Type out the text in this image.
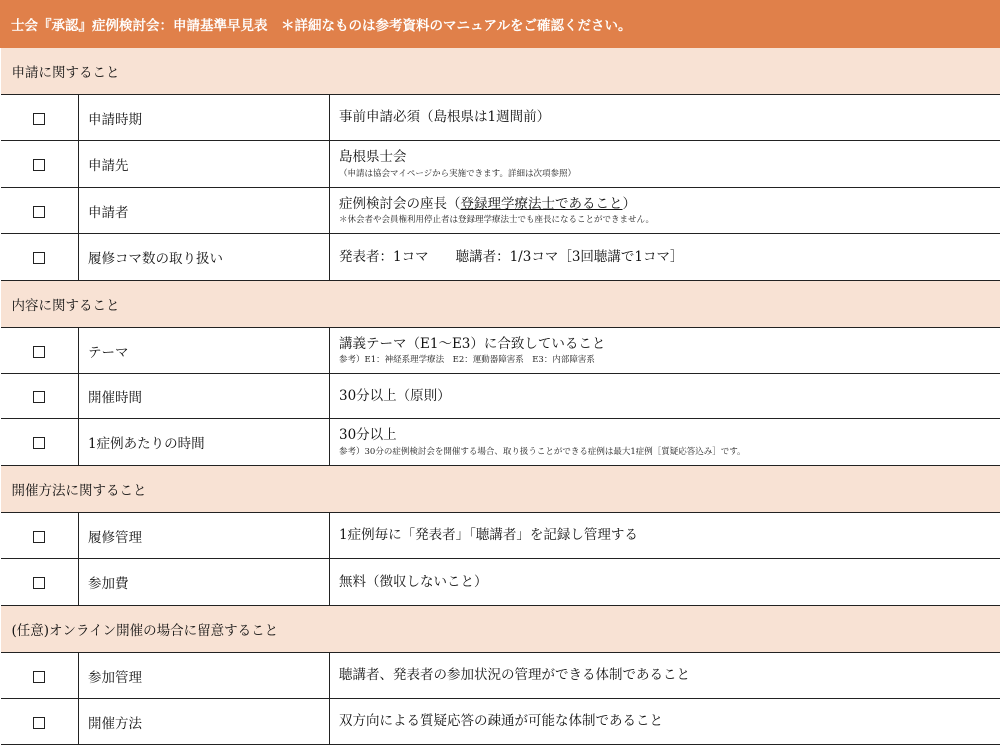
士会『承認』症例検討会：申請基準早見表　＊詳細なものは参考資料のマニュアルをご確認ください。		
申請に関すること		
	申請時期	事前申請必須（島根県は1週間前）
	申請先	島根県士会
（申請は協会マイページから実施できます。詳細は次項参照）

	申請者	症例検討会の座長（登録理学療法士であること）
＊休会者や会員権利用停止者は登録理学療法士でも座長になることができません。

	履修コマ数の取り扱い	発表者：1コマ　　聴講者：1/3コマ［3回聴講で1コマ］
内容に関すること		
	テーマ	講義テーマ（E1〜E3）に合致していること
参考）E1：神経系理学療法　E2：運動器障害系　E3：内部障害系

	開催時間	30分以上（原則）
	1症例あたりの時間	30分以上
参考）30分の症例検討会を開催する場合、取り扱うことができる症例は最大1症例［質疑応答込み］です。

開催方法に関すること		
	履修管理	1症例毎に「発表者」「聴講者」を記録し管理する
	参加費	無料（徴収しないこと）
(任意)オンライン開催の場合に留意すること		
	参加管理	聴講者、発表者の参加状況の管理ができる体制であること
	開催方法	双方向による質疑応答の疎通が可能な体制であること
